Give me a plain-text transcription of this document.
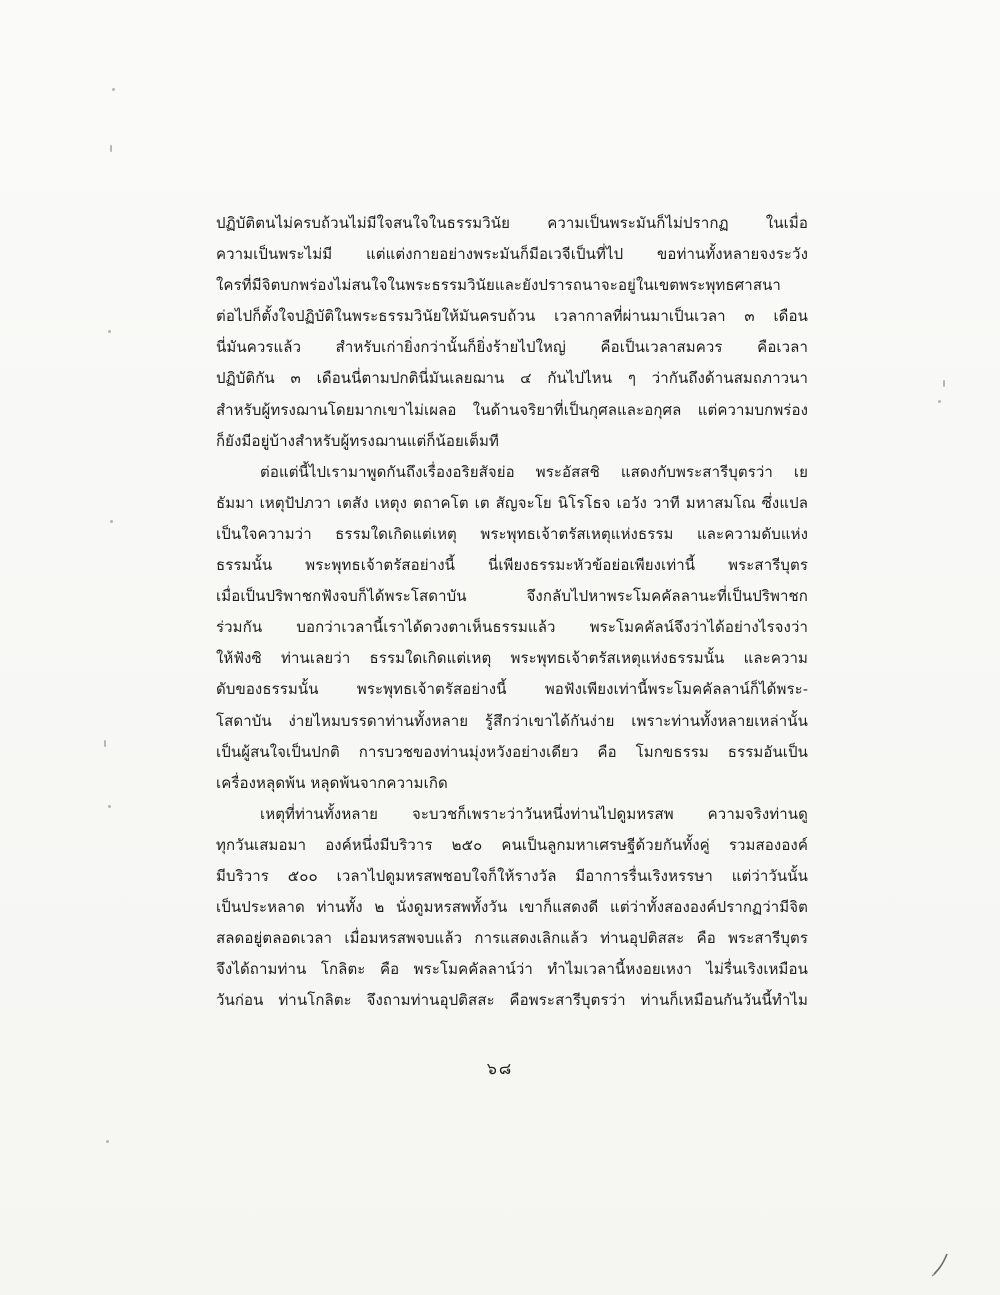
ปฏิบัติตนไม่ครบถ้วนไม่มีใจสนใจในธรรมวินัย ความเป็นพระมันก็ไม่ปรากฏ ในเมื่อ
ความเป็นพระไม่มี แต่แต่งกายอย่างพระมันก็มีอเวจีเป็นที่ไป ขอท่านทั้งหลายจงระวัง
ใครที่มีจิตบกพร่องไม่สนใจในพระธรรมวินัยและยังปรารถนาจะอยู่ในเขตพระพุทธศาสนา
ต่อไปก็ตั้งใจปฏิบัติในพระธรรมวินัยให้มันครบถ้วน เวลากาลที่ผ่านมาเป็นเวลา ๓ เดือน
นี่มันควรแล้ว สำหรับเก่ายิ่งกว่านั้นก็ยิ่งร้ายไปใหญ่ คือเป็นเวลาสมควร คือเวลา
ปฏิบัติกัน ๓ เดือนนี่ตามปกตินี่มันเลยฌาน ๔ กันไปไหน ๆ ว่ากันถึงด้านสมถภาวนา
สำหรับผู้ทรงฌานโดยมากเขาไม่เผลอ ในด้านจริยาที่เป็นกุศลและอกุศล แต่ความบกพร่อง
ก็ยังมีอยู่บ้างสำหรับผู้ทรงฌานแต่ก็น้อยเต็มที
ต่อแต่นี้ไปเรามาพูดกันถึงเรื่องอริยสัจย่อ พระอัสสชิ แสดงกับพระสารีบุตรว่า เย
ธัมมา เหตุปัปภวา เตสัง เหตุง ตถาคโต เต สัญจะโย นิโรโธจ เอวัง วาที มหาสมโณ ซึ่งแปล
เป็นใจความว่า ธรรมใดเกิดแต่เหตุ พระพุทธเจ้าตรัสเหตุแห่งธรรม และความดับแห่ง
ธรรมนั้น พระพุทธเจ้าตรัสอย่างนี้ นี่เพียงธรรมะหัวข้อย่อเพียงเท่านี้ พระสารีบุตร
เมื่อเป็นปริพาชกฟังจบก็ได้พระโสดาบัน จึงกลับไปหาพระโมคคัลลานะที่เป็นปริพาชก
ร่วมกัน บอกว่าเวลานี้เราได้ดวงตาเห็นธรรมแล้ว พระโมคคัลน์จึงว่าได้อย่างไรจงว่า
ให้ฟังซิ ท่านเลยว่า ธรรมใดเกิดแต่เหตุ พระพุทธเจ้าตรัสเหตุแห่งธรรมนั้น และความ
ดับของธรรมนั้น พระพุทธเจ้าตรัสอย่างนี้ พอฟังเพียงเท่านี้พระโมคคัลลาน์ก็ได้พระ-
โสดาบัน ง่ายไหมบรรดาท่านทั้งหลาย รู้สึกว่าเขาได้กันง่าย เพราะท่านทั้งหลายเหล่านั้น
เป็นผู้สนใจเป็นปกติ การบวชของท่านมุ่งหวังอย่างเดียว คือ โมกขธรรม ธรรมอันเป็น
เครื่องหลุดพ้น หลุดพ้นจากความเกิด
เหตุที่ท่านทั้งหลาย จะบวชก็เพราะว่าวันหนึ่งท่านไปดูมหรสพ ความจริงท่านดู
ทุกวันเสมอมา องค์หนึ่งมีบริวาร ๒๕๐ คนเป็นลูกมหาเศรษฐีด้วยกันทั้งคู่ รวมสององค์
มีบริวาร ๕๐๐ เวลาไปดูมหรสพชอบใจก็ให้รางวัล มีอาการรื่นเริงหรรษา แต่ว่าวันนั้น
เป็นประหลาด ท่านทั้ง ๒ นั่งดูมหรสพทั้งวัน เขาก็แสดงดี แต่ว่าทั้งสององค์ปรากฏว่ามีจิต
สลดอยู่ตลอดเวลา เมื่อมหรสพจบแล้ว การแสดงเลิกแล้ว ท่านอุปติสสะ คือ พระสารีบุตร
จึงได้ถามท่าน โกลิตะ คือ พระโมคคัลลาน์ว่า ทำไมเวลานี้หงอยเหงา ไม่รื่นเริงเหมือน
วันก่อน ท่านโกลิตะ จึงถามท่านอุปติสสะ คือพระสารีบุตรว่า ท่านก็เหมือนกันวันนี้ทำไม
๖๘
